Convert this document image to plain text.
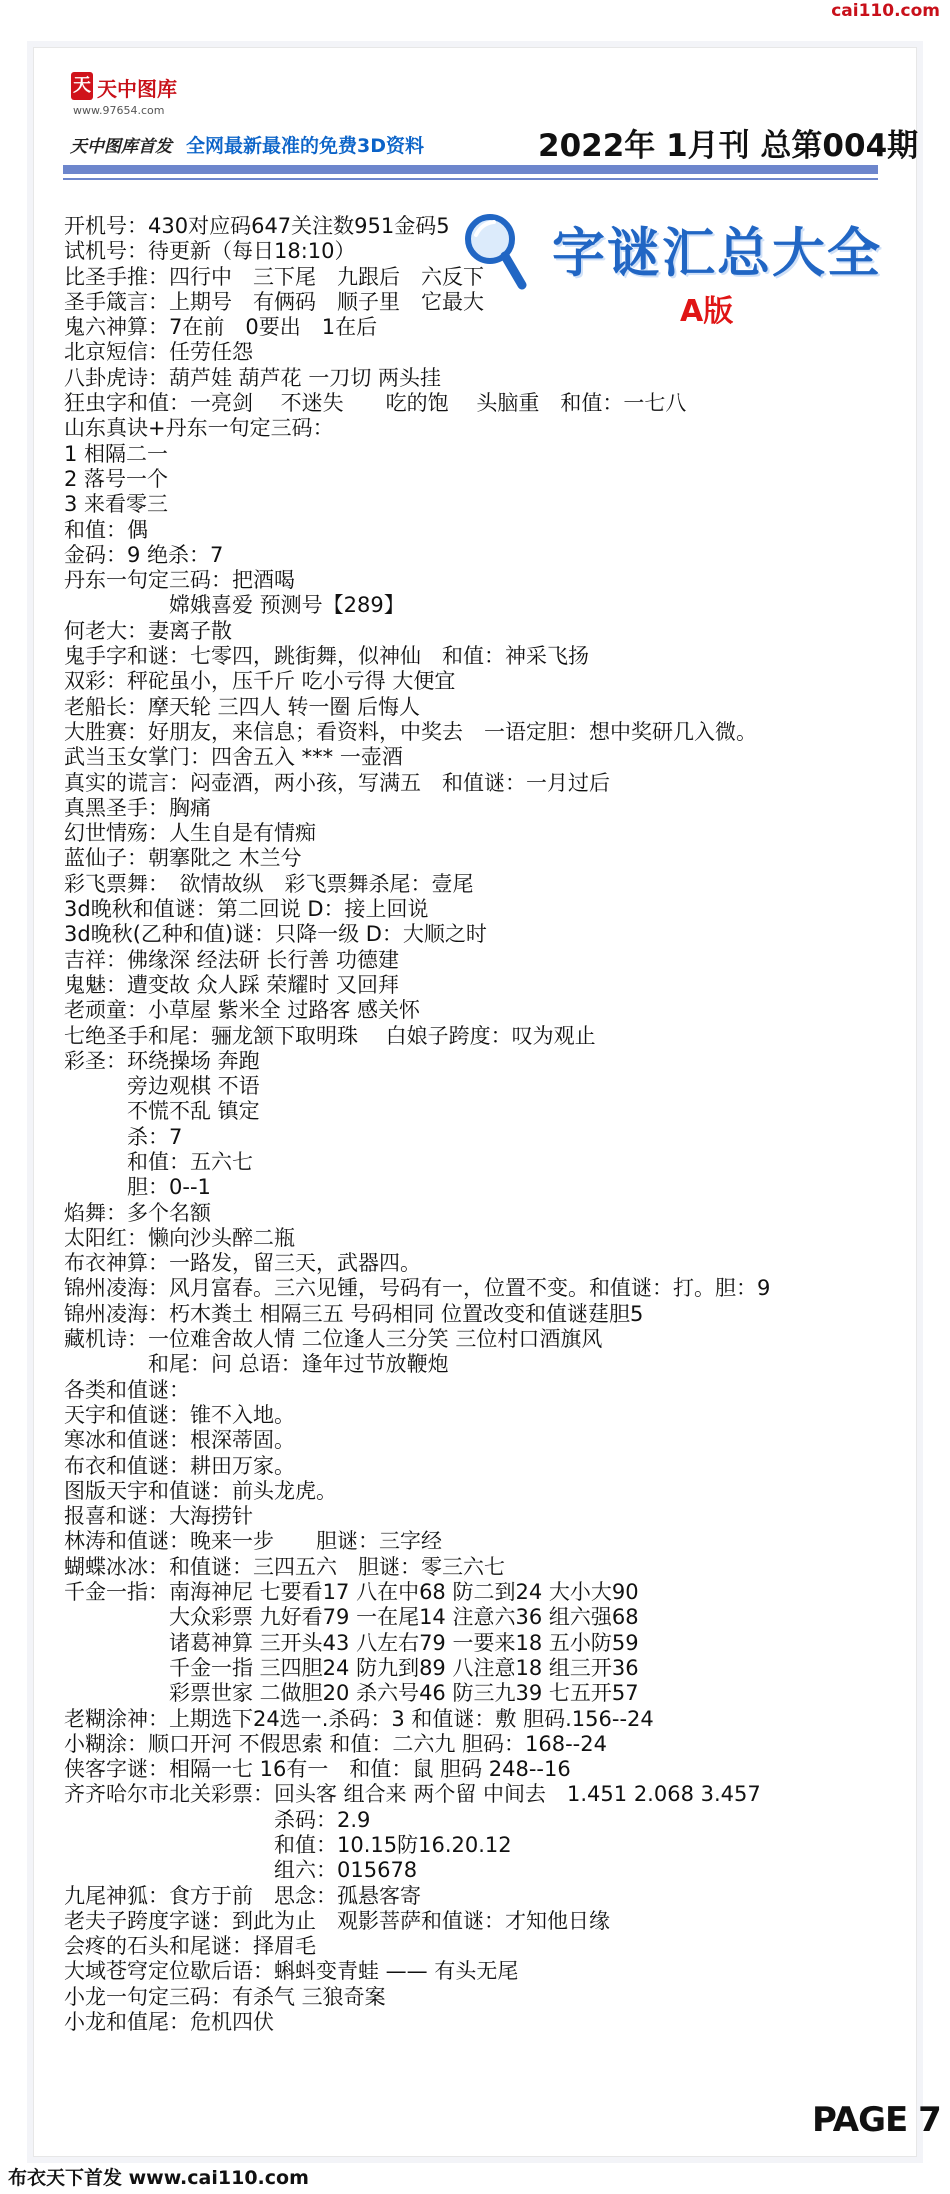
cai110.com
天 天中图库
www.97654.com
天中图库首发 全网最新最准的免费3D资料	2022年 1月刊 总第004期
字谜汇总大全
A版
开机号：430对应码647关注数951金码5
试机号：待更新（每日18:10）
比圣手推：四行中　三下尾　九跟后　六反下
圣手箴言：上期号　有俩码　顺子里　它最大
鬼六神算：7在前　0要出　1在后
北京短信：任劳任怨
八卦虎诗：葫芦娃 葫芦花 一刀切 两头挂
狂虫字和值：一亮剑　 不迷失　　吃的饱　 头脑重　和值：一七八
山东真诀+丹东一句定三码：
1 相隔二一
2 落号一个
3 来看零三
和值：偶
金码：9 绝杀：7
丹东一句定三码：把酒喝
　　　　　嫦娥喜爱 预测号【289】
何老大：妻离子散
鬼手字和谜：七零四，跳街舞，似神仙　和值：神采飞扬
双彩：秤砣虽小，压千斤 吃小亏得 大便宜
老船长：摩天轮 三四人 转一圈 后悔人
大胜赛：好朋友，来信息；看资料，中奖去　一语定胆：想中奖研几入微。
武当玉女掌门：四舍五入 *** 一壶酒
真实的谎言：闷壶酒，两小孩，写满五　和值谜：一月过后
真黑圣手：胸痛
幻世情殇：人生自是有情痴
蓝仙子：朝搴阰之 木兰兮
彩飞票舞：　欲情故纵　彩飞票舞杀尾：壹尾
3d晚秋和值谜：第二回说 D：接上回说
3d晚秋(乙种和值)谜：只降一级 D：大顺之时
吉祥：佛缘深 经法研 长行善 功德建
鬼魅：遭变故 众人踩 荣耀时 又回拜
老顽童：小草屋 紫米全 过路客 感关怀
七绝圣手和尾：骊龙颔下取明珠　 白娘子跨度：叹为观止
彩圣：环绕操场 奔跑
　　　旁边观棋 不语
　　　不慌不乱 镇定
　　　杀：7
　　　和值：五六七
　　　胆：0--1
焰舞：多个名额
太阳红：懒向沙头醉二瓶
布衣神算：一路发，留三天，武器四。
锦州凌海：风月富春。三六见锺，号码有一，位置不变。和值谜：打。胆：9
锦州凌海：朽木粪土 相隔三五 号码相同 位置改变和值谜莛胆5
藏机诗：一位难舍故人情 二位逢人三分笑 三位村口酒旗风
　　　　和尾：问 总语：逢年过节放鞭炮
各类和值谜：
天宇和值谜：锥不入地。
寒冰和值谜：根深蒂固。
布衣和值谜：耕田万家。
图版天宇和值谜：前头龙虎。
报喜和谜：大海捞针
林涛和值谜：晚来一步　　胆谜：三字经
蝴蝶冰冰：和值谜：三四五六　胆谜：零三六七
千金一指：南海神尼 七要看17 八在中68 防二到24 大小大90
　　　　　大众彩票 九好看79 一在尾14 注意六36 组六强68
　　　　　诸葛神算 三开头43 八左右79 一要来18 五小防59
　　　　　千金一指 三四胆24 防九到89 八注意18 组三开36
　　　　　彩票世家 二做胆20 杀六号46 防三九39 七五开57
老糊涂神：上期选下24选一.杀码：3 和值谜：敷 胆码.156--24
小糊涂：顺口开河 不假思索 和值：二六九 胆码：168--24
侠客字谜：相隔一七 16有一　和值：鼠 胆码 248--16
齐齐哈尔市北关彩票：回头客 组合来 两个留 中间去　1.451 2.068 3.457
　　　　　　　　　　杀码：2.9
　　　　　　　　　　和值：10.15防16.20.12
　　　　　　　　　　组六：015678
九尾神狐：食方于前　思念：孤悬客寄
老夫子跨度字谜：到此为止　观影菩萨和值谜：才知他日缘
会疼的石头和尾谜：择眉毛
大域苍穹定位歇后语：蝌蚪变青蛙 —— 有头无尾
小龙一句定三码：有杀气 三狼奇案
小龙和值尾：危机四伏
PAGE 7
布衣天下首发 www.cai110.com
